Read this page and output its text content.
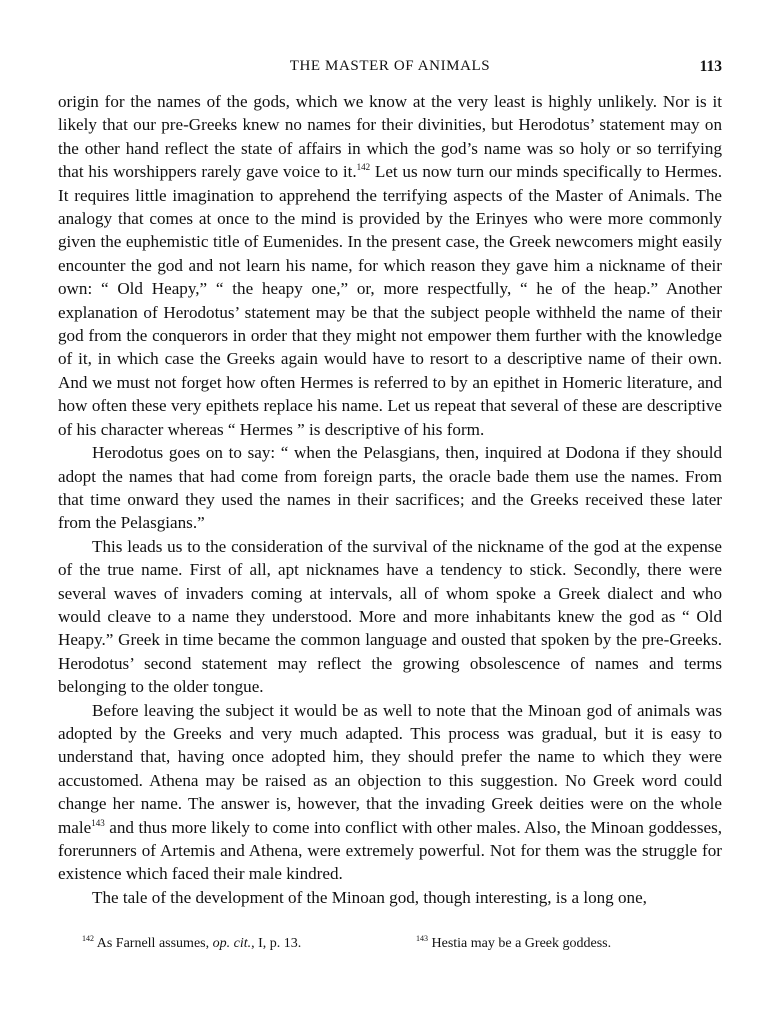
THE MASTER OF ANIMALS	113

origin for the names of the gods, which we know at the very least is highly unlikely. Nor is it likely that our pre-Greeks knew no names for their divinities, but Herodotus’ statement may on the other hand reflect the state of affairs in which the god’s name was so holy or so terrifying that his worshippers rarely gave voice to it.$^{142}$ Let us now turn our minds specifically to Hermes. It requires little imagination to apprehend the terrifying aspects of the Master of Animals. The analogy that comes at once to the mind is provided by the Erinyes who were more commonly given the euphemistic title of Eumenides. In the present case, the Greek newcomers might easily encounter the god and not learn his name, for which reason they gave him a nickname of their own: “ Old Heapy,” “ the heapy one,” or, more respectfully, “ he of the heap.” Another explanation of Herodotus’ statement may be that the subject people withheld the name of their god from the conquerors in order that they might not empower them further with the knowledge of it, in which case the Greeks again would have to resort to a descriptive name of their own. And we must not forget how often Hermes is referred to by an epithet in Homeric literature, and how often these very epithets replace his name. Let us repeat that several of these are descriptive of his character whereas “ Hermes ” is descriptive of his form.

Herodotus goes on to say: “ when the Pelasgians, then, inquired at Dodona if they should adopt the names that had come from foreign parts, the oracle bade them use the names. From that time onward they used the names in their sacrifices; and the Greeks received these later from the Pelasgians.”

This leads us to the consideration of the survival of the nickname of the god at the expense of the true name. First of all, apt nicknames have a tendency to stick. Secondly, there were several waves of invaders coming at intervals, all of whom spoke a Greek dialect and who would cleave to a name they understood. More and more inhabitants knew the god as “ Old Heapy.” Greek in time became the common language and ousted that spoken by the pre-Greeks. Herodotus’ second statement may reflect the growing obsolescence of names and terms belonging to the older tongue.

Before leaving the subject it would be as well to note that the Minoan god of animals was adopted by the Greeks and very much adapted. This process was gradual, but it is easy to understand that, having once adopted him, they should prefer the name to which they were accustomed. Athena may be raised as an objection to this suggestion. No Greek word could change her name. The answer is, however, that the invading Greek deities were on the whole male$^{143}$ and thus more likely to come into conflict with other males. Also, the Minoan goddesses, forerunners of Artemis and Athena, were extremely powerful. Not for them was the struggle for existence which faced their male kindred.

The tale of the development of the Minoan god, though interesting, is a long one,

$^{142}$ As Farnell assumes, op. cit., I, p. 13.	$^{143}$ Hestia may be a Greek goddess.
